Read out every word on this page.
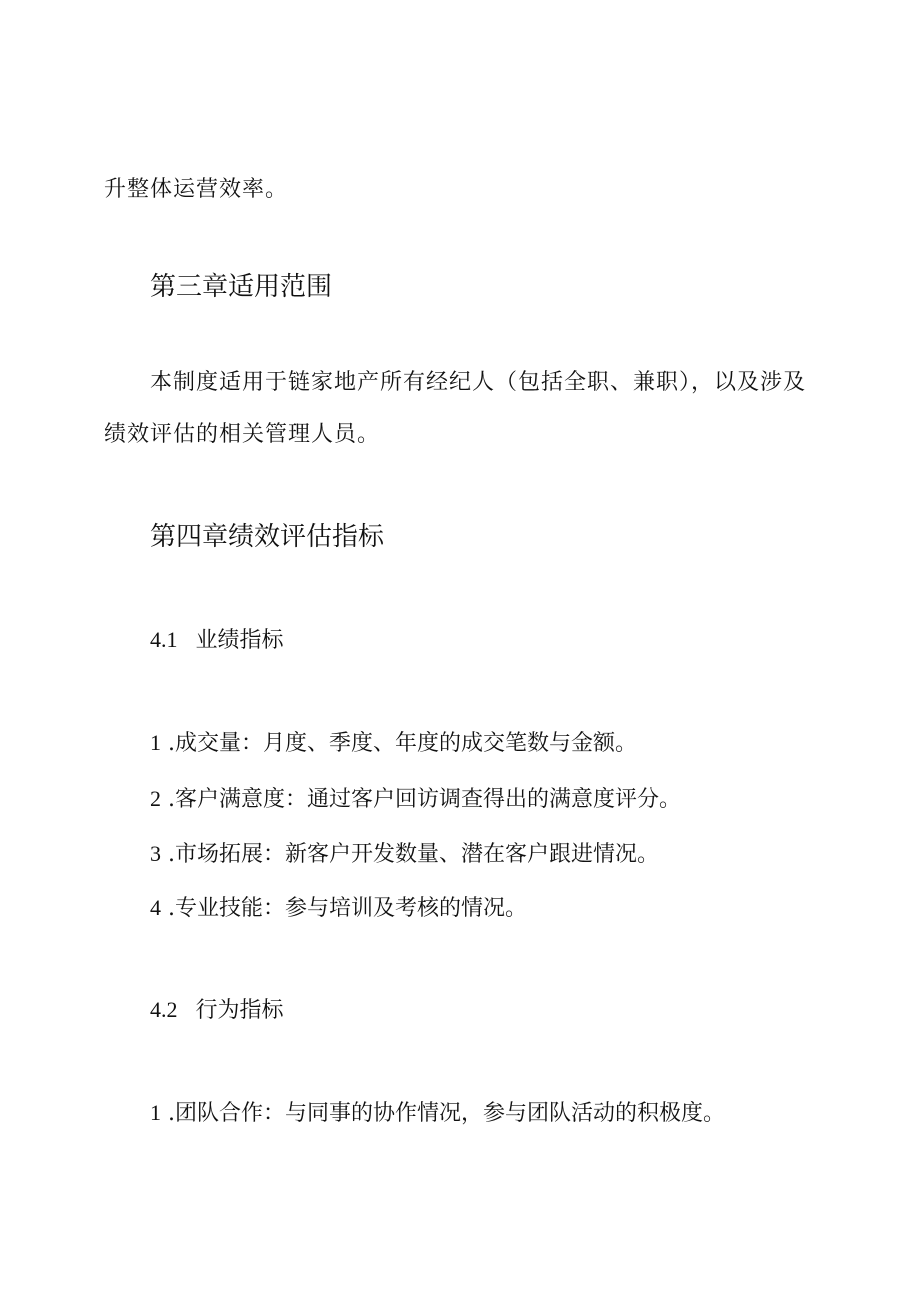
升整体运营效率。
第三章适用范围
本制度适用于链家地产所有经纪人（包括全职、兼职），以及涉及
绩效评估的相关管理人员。
第四章绩效评估指标
4.1 业绩指标
1 .成交量：月度、季度、年度的成交笔数与金额。
2 .客户满意度：通过客户回访调查得出的满意度评分。
3 .市场拓展：新客户开发数量、潜在客户跟进情况。
4 .专业技能：参与培训及考核的情况。
4.2 行为指标
1 .团队合作：与同事的协作情况，参与团队活动的积极度。
